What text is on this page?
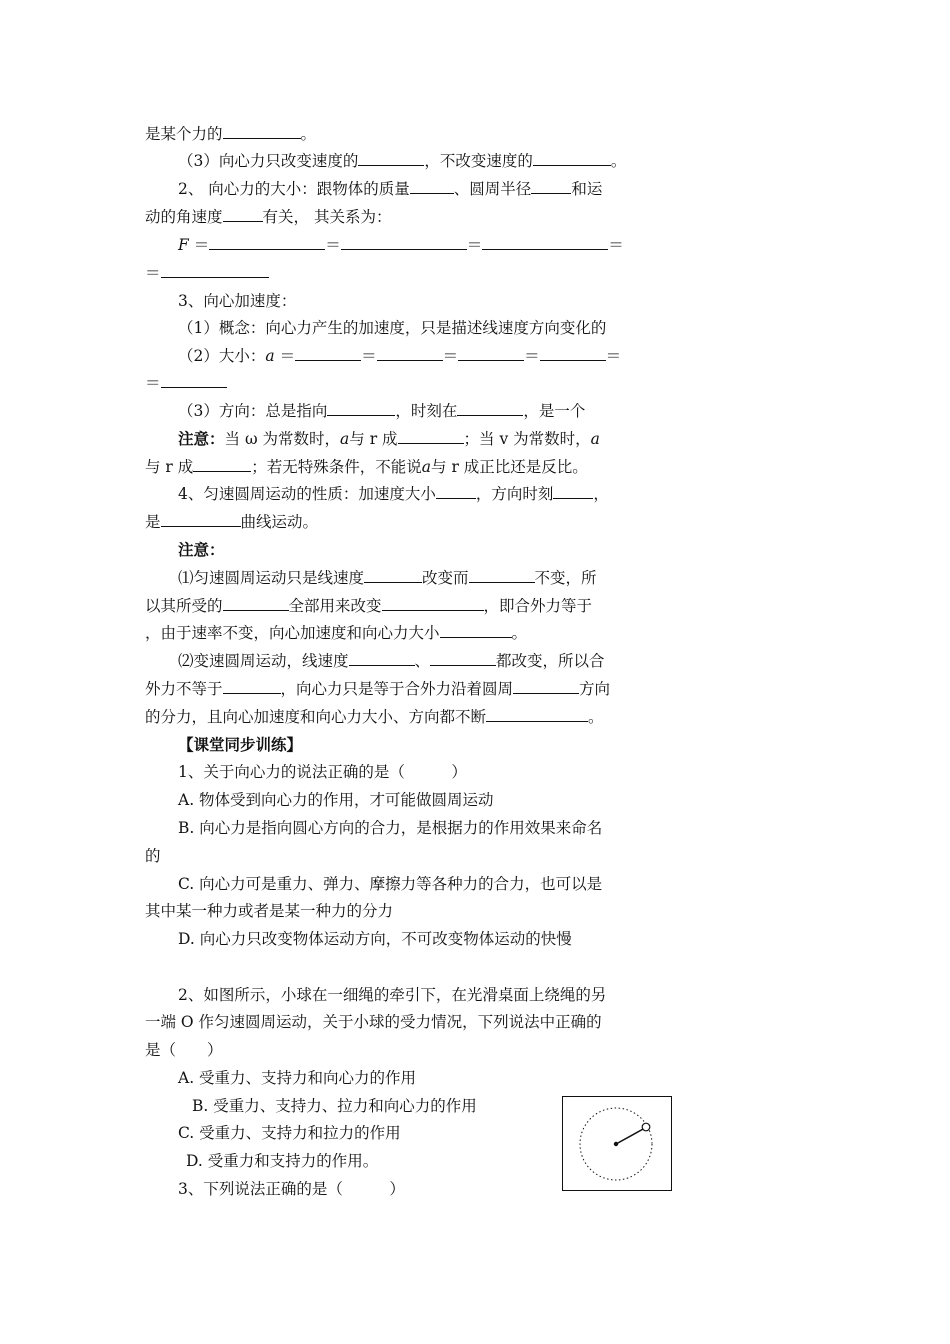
是某个力的	。
（3）向心力只改变速度的	，不改变速度的	。
2、 向心力的大小：跟物体的质量	、圆周半径	和运
动的角速度	有关， 其关系为：
F ＝	＝	＝	＝
＝
3、向心加速度：
（1）概念：向心力产生的加速度，只是描述线速度方向变化的
（2）大小：a ＝	＝	＝	＝	＝
＝
（3）方向：总是指向	，时刻在	，是一个
注意：当 ω 为常数时，a与 r 成	；当 v 为常数时，a
与 r 成	；若无特殊条件，不能说a与 r 成正比还是反比。
4、匀速圆周运动的性质：加速度大小	，方向时刻	，
是	曲线运动。
注意：
⑴匀速圆周运动只是线速度	改变而	不变，所
以其所受的	全部用来改变	，即合外力等于
，由于速率不变，向心加速度和向心力大小	。
⑵变速圆周运动，线速度	、	都改变，所以合
外力不等于	，向心力只是等于合外力沿着圆周	方向
的分力，且向心加速度和向心力大小、方向都不断	。
【课堂同步训练】
1、关于向心力的说法正确的是（　　　）
A. 物体受到向心力的作用，才可能做圆周运动
B. 向心力是指向圆心方向的合力，是根据力的作用效果来命名
的
C. 向心力可是重力、弹力、摩擦力等各种力的合力，也可以是
其中某一种力或者是某一种力的分力
D. 向心力只改变物体运动方向，不可改变物体运动的快慢
2、如图所示，小球在一细绳的牵引下，在光滑桌面上绕绳的另
一端 O 作匀速圆周运动，关于小球的受力情况，下列说法中正确的
是（　　）
A. 受重力、支持力和向心力的作用
B. 受重力、支持力、拉力和向心力的作用
C. 受重力、支持力和拉力的作用
D. 受重力和支持力的作用。
3、下列说法正确的是（　　　）
